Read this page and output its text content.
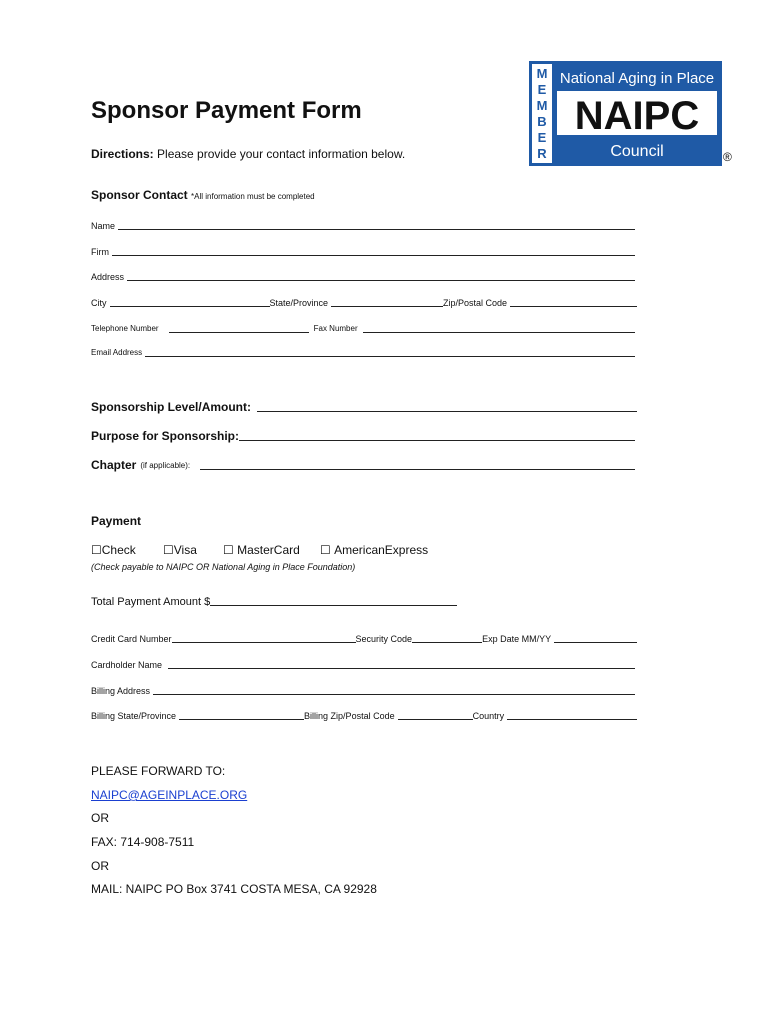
Sponsor Payment Form
Directions: Please provide your contact information below.
M
E
M
B
E
R
National Aging in Place
NAIPC
Council	®
Sponsor Contact *All information must be completed
Name
Firm
Address
City	State/Province	Zip/Postal Code
Telephone Number	Fax Number
Email Address
Sponsorship Level/Amount:
Purpose for Sponsorship:
Chapter (if applicable):
Payment
☐ Check ☐ Visa ☐
MasterCard ☐
AmericanExpress
(Check payable to NAIPC OR National Aging in Place Foundation)
Total Payment Amount $
Credit Card Number	Security Code	Exp Date MM/YY
Cardholder Name
Billing Address
Billing State/Province	Billing Zip/Postal Code	Country
PLEASE FORWARD TO:
NAIPC@AGEINPLACE.ORG
OR
FAX: 714-908-7511
OR
MAIL: NAIPC PO Box 3741 COSTA MESA, CA 92928
